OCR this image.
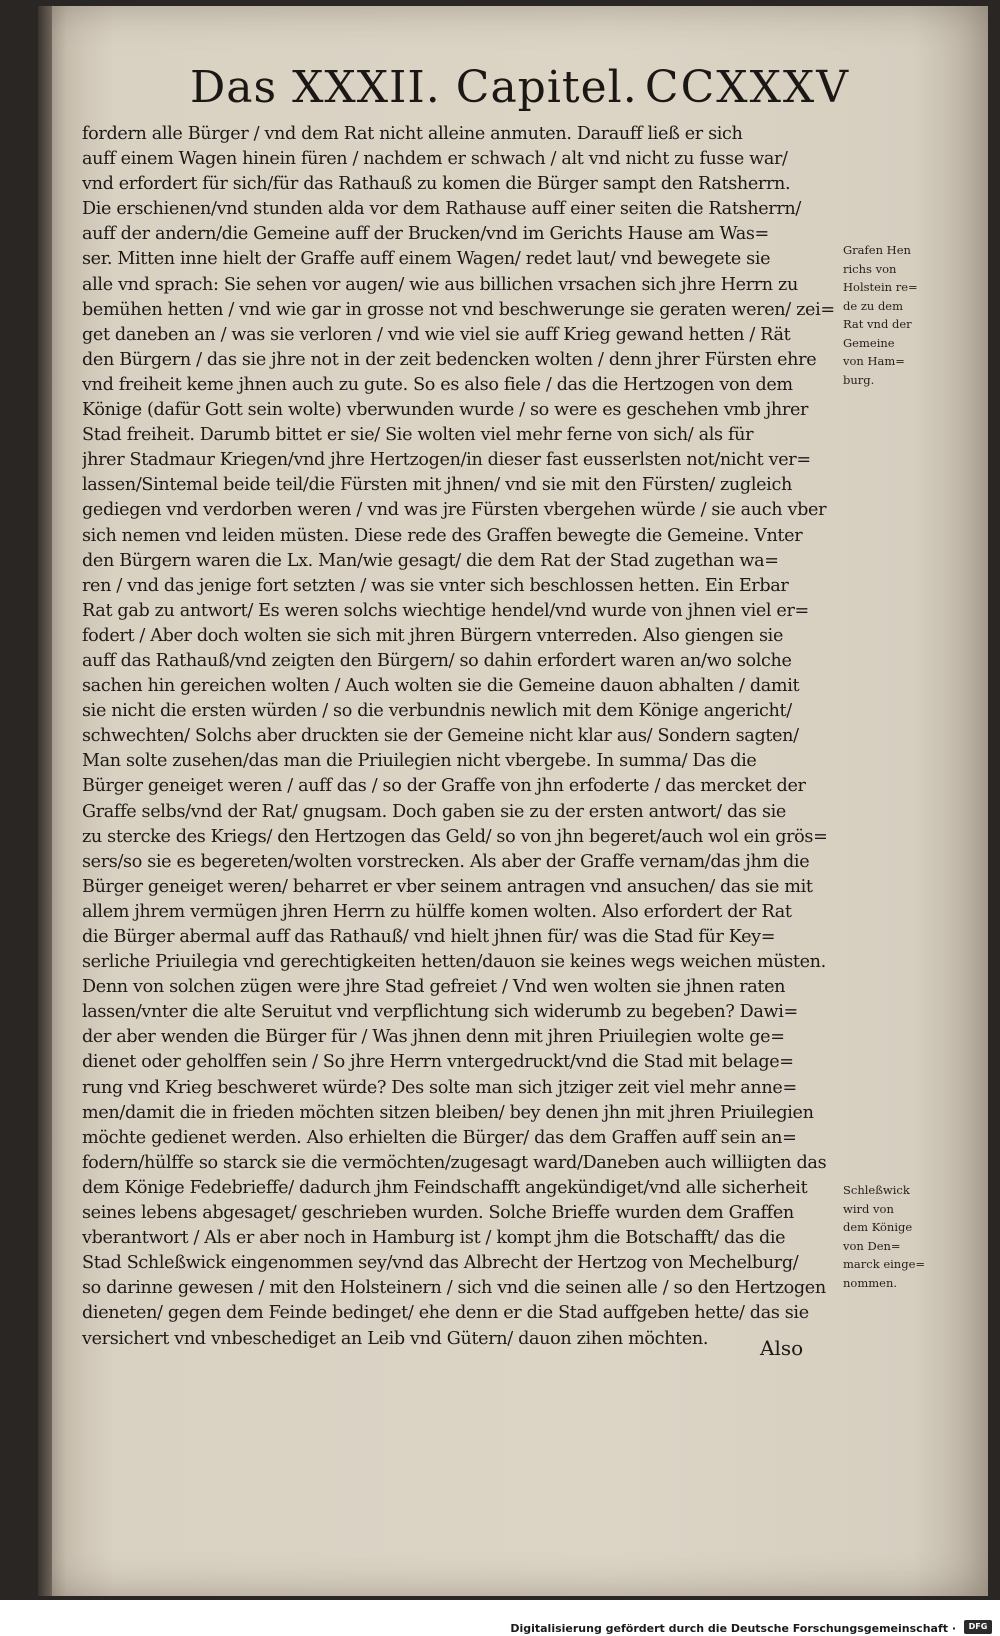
Das XXXII. Capitel. CCXXXV
fordern alle Bürger / vnd dem Rat nicht alleine anmuten. Darauff ließ er sich
auff einem Wagen hinein füren / nachdem er schwach / alt vnd nicht zu fusse war/
vnd erfordert für sich/für das Rathauß zu komen die Bürger sampt den Ratsherrn.
Die erschienen/vnd stunden alda vor dem Rathause auff einer seiten die Ratsherrn/
auff der andern/die Gemeine auff der Brucken/vnd im Gerichts Hause am Was=
ser. Mitten inne hielt der Graffe auff einem Wagen/ redet laut/ vnd bewegete sie
alle vnd sprach: Sie sehen vor augen/ wie aus billichen vrsachen sich jhre Herrn zu
bemühen hetten / vnd wie gar in grosse not vnd beschwerunge sie geraten weren/ zei=
get daneben an / was sie verloren / vnd wie viel sie auff Krieg gewand hetten / Rät
den Bürgern / das sie jhre not in der zeit bedencken wolten / denn jhrer Fürsten ehre
vnd freiheit keme jhnen auch zu gute. So es also fiele / das die Hertzogen von dem
Könige (dafür Gott sein wolte) vberwunden wurde / so were es geschehen vmb jhrer
Stad freiheit. Darumb bittet er sie/ Sie wolten viel mehr ferne von sich/ als für
jhrer Stadmaur Kriegen/vnd jhre Hertzogen/in dieser fast eusserlsten not/nicht ver=
lassen/Sintemal beide teil/die Fürsten mit jhnen/ vnd sie mit den Fürsten/ zugleich
gediegen vnd verdorben weren / vnd was jre Fürsten vbergehen würde / sie auch vber
sich nemen vnd leiden müsten. Diese rede des Graffen bewegte die Gemeine. Vnter
den Bürgern waren die Lx. Man/wie gesagt/ die dem Rat der Stad zugethan wa=
ren / vnd das jenige fort setzten / was sie vnter sich beschlossen hetten. Ein Erbar
Rat gab zu antwort/ Es weren solchs wiechtige hendel/vnd wurde von jhnen viel er=
fodert / Aber doch wolten sie sich mit jhren Bürgern vnterreden. Also giengen sie
auff das Rathauß/vnd zeigten den Bürgern/ so dahin erfordert waren an/wo solche
sachen hin gereichen wolten / Auch wolten sie die Gemeine dauon abhalten / damit
sie nicht die ersten würden / so die verbundnis newlich mit dem Könige angericht/
schwechten/ Solchs aber druckten sie der Gemeine nicht klar aus/ Sondern sagten/
Man solte zusehen/das man die Priuilegien nicht vbergebe. In summa/ Das die
Bürger geneiget weren / auff das / so der Graffe von jhn erfoderte / das mercket der
Graffe selbs/vnd der Rat/ gnugsam. Doch gaben sie zu der ersten antwort/ das sie
zu stercke des Kriegs/ den Hertzogen das Geld/ so von jhn begeret/auch wol ein grös=
sers/so sie es begereten/wolten vorstrecken. Als aber der Graffe vernam/das jhm die
Bürger geneiget weren/ beharret er vber seinem antragen vnd ansuchen/ das sie mit
allem jhrem vermügen jhren Herrn zu hülffe komen wolten. Also erfordert der Rat
die Bürger abermal auff das Rathauß/ vnd hielt jhnen für/ was die Stad für Key=
serliche Priuilegia vnd gerechtigkeiten hetten/dauon sie keines wegs weichen müsten.
Denn von solchen zügen were jhre Stad gefreiet / Vnd wen wolten sie jhnen raten
lassen/vnter die alte Seruitut vnd verpflichtung sich widerumb zu begeben? Dawi=
der aber wenden die Bürger für / Was jhnen denn mit jhren Priuilegien wolte ge=
dienet oder geholffen sein / So jhre Herrn vntergedruckt/vnd die Stad mit belage=
rung vnd Krieg beschweret würde? Des solte man sich jtziger zeit viel mehr anne=
men/damit die in frieden möchten sitzen bleiben/ bey denen jhn mit jhren Priuilegien
möchte gedienet werden. Also erhielten die Bürger/ das dem Graffen auff sein an=
fodern/hülffe so starck sie die vermöchten/zugesagt ward/Daneben auch williigten das
dem Könige Fedebrieffe/ dadurch jhm Feindschafft angekündiget/vnd alle sicherheit
seines lebens abgesaget/ geschrieben wurden. Solche Brieffe wurden dem Graffen
vberantwort / Als er aber noch in Hamburg ist / kompt jhm die Botschafft/ das die
Stad Schleßwick eingenommen sey/vnd das Albrecht der Hertzog von Mechelburg/
so darinne gewesen / mit den Holsteinern / sich vnd die seinen alle / so den Hertzogen
dieneten/ gegen dem Feinde bedinget/ ehe denn er die Stad auffgeben hette/ das sie
versichert vnd vnbeschediget an Leib vnd Gütern/ dauon zihen möchten.
Grafen Hen
richs von
Holstein re=
de zu dem
Rat vnd der
Gemeine
von Ham=
burg.
Schleßwick
wird von
dem Könige
von Den=
marck einge=
nommen.
Also
Digitalisierung gefördert durch die Deutsche Forschungsgemeinschaft ·	DFG
